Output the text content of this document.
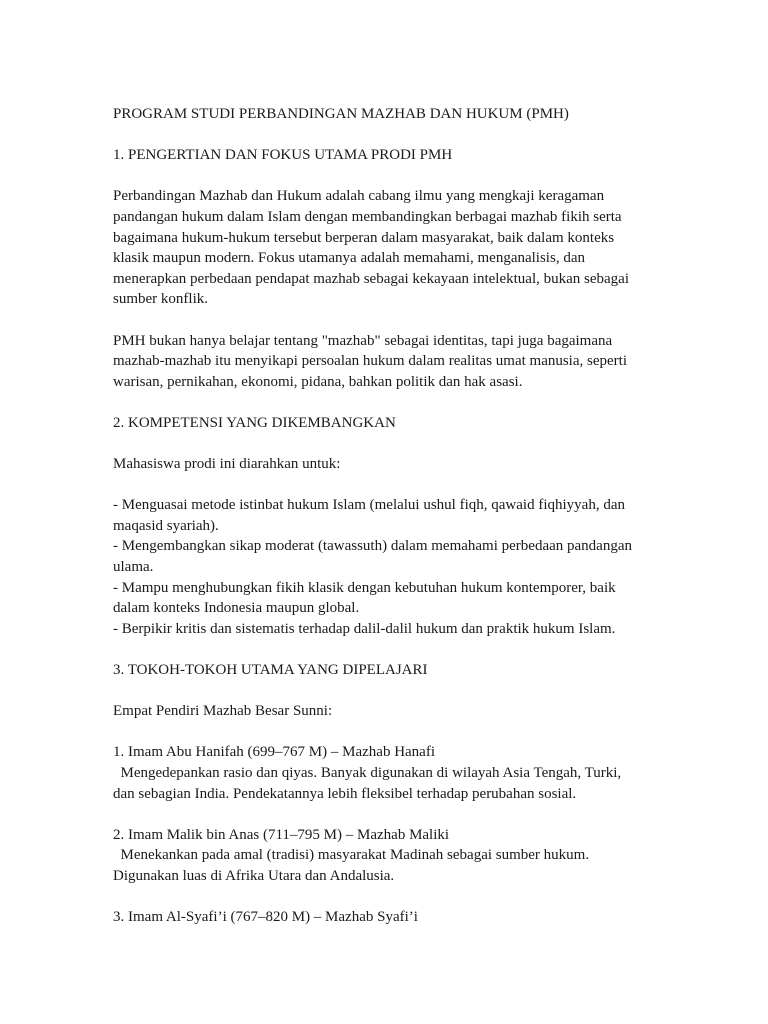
PROGRAM STUDI PERBANDINGAN MAZHAB DAN HUKUM (PMH)

1. PENGERTIAN DAN FOKUS UTAMA PRODI PMH

Perbandingan Mazhab dan Hukum adalah cabang ilmu yang mengkaji keragaman pandangan hukum dalam Islam dengan membandingkan berbagai mazhab fikih serta bagaimana hukum-hukum tersebut berperan dalam masyarakat, baik dalam konteks klasik maupun modern. Fokus utamanya adalah memahami, menganalisis, dan menerapkan perbedaan pendapat mazhab sebagai kekayaan intelektual, bukan sebagai sumber konflik.

PMH bukan hanya belajar tentang "mazhab" sebagai identitas, tapi juga bagaimana mazhab-mazhab itu menyikapi persoalan hukum dalam realitas umat manusia, seperti warisan, pernikahan, ekonomi, pidana, bahkan politik dan hak asasi.

2. KOMPETENSI YANG DIKEMBANGKAN

Mahasiswa prodi ini diarahkan untuk:

- Menguasai metode istinbat hukum Islam (melalui ushul fiqh, qawaid fiqhiyyah, dan maqasid syariah).
- Mengembangkan sikap moderat (tawassuth) dalam memahami perbedaan pandangan ulama.
- Mampu menghubungkan fikih klasik dengan kebutuhan hukum kontemporer, baik dalam konteks Indonesia maupun global.
- Berpikir kritis dan sistematis terhadap dalil-dalil hukum dan praktik hukum Islam.

3. TOKOH-TOKOH UTAMA YANG DIPELAJARI

Empat Pendiri Mazhab Besar Sunni:

1. Imam Abu Hanifah (699–767 M) – Mazhab Hanafi
Mengedepankan rasio dan qiyas. Banyak digunakan di wilayah Asia Tengah, Turki, dan sebagian India. Pendekatannya lebih fleksibel terhadap perubahan sosial.
2. Imam Malik bin Anas (711–795 M) – Mazhab Maliki
Menekankan pada amal (tradisi) masyarakat Madinah sebagai sumber hukum. Digunakan luas di Afrika Utara dan Andalusia.
3. Imam Al-Syafi’i (767–820 M) – Mazhab Syafi’i
